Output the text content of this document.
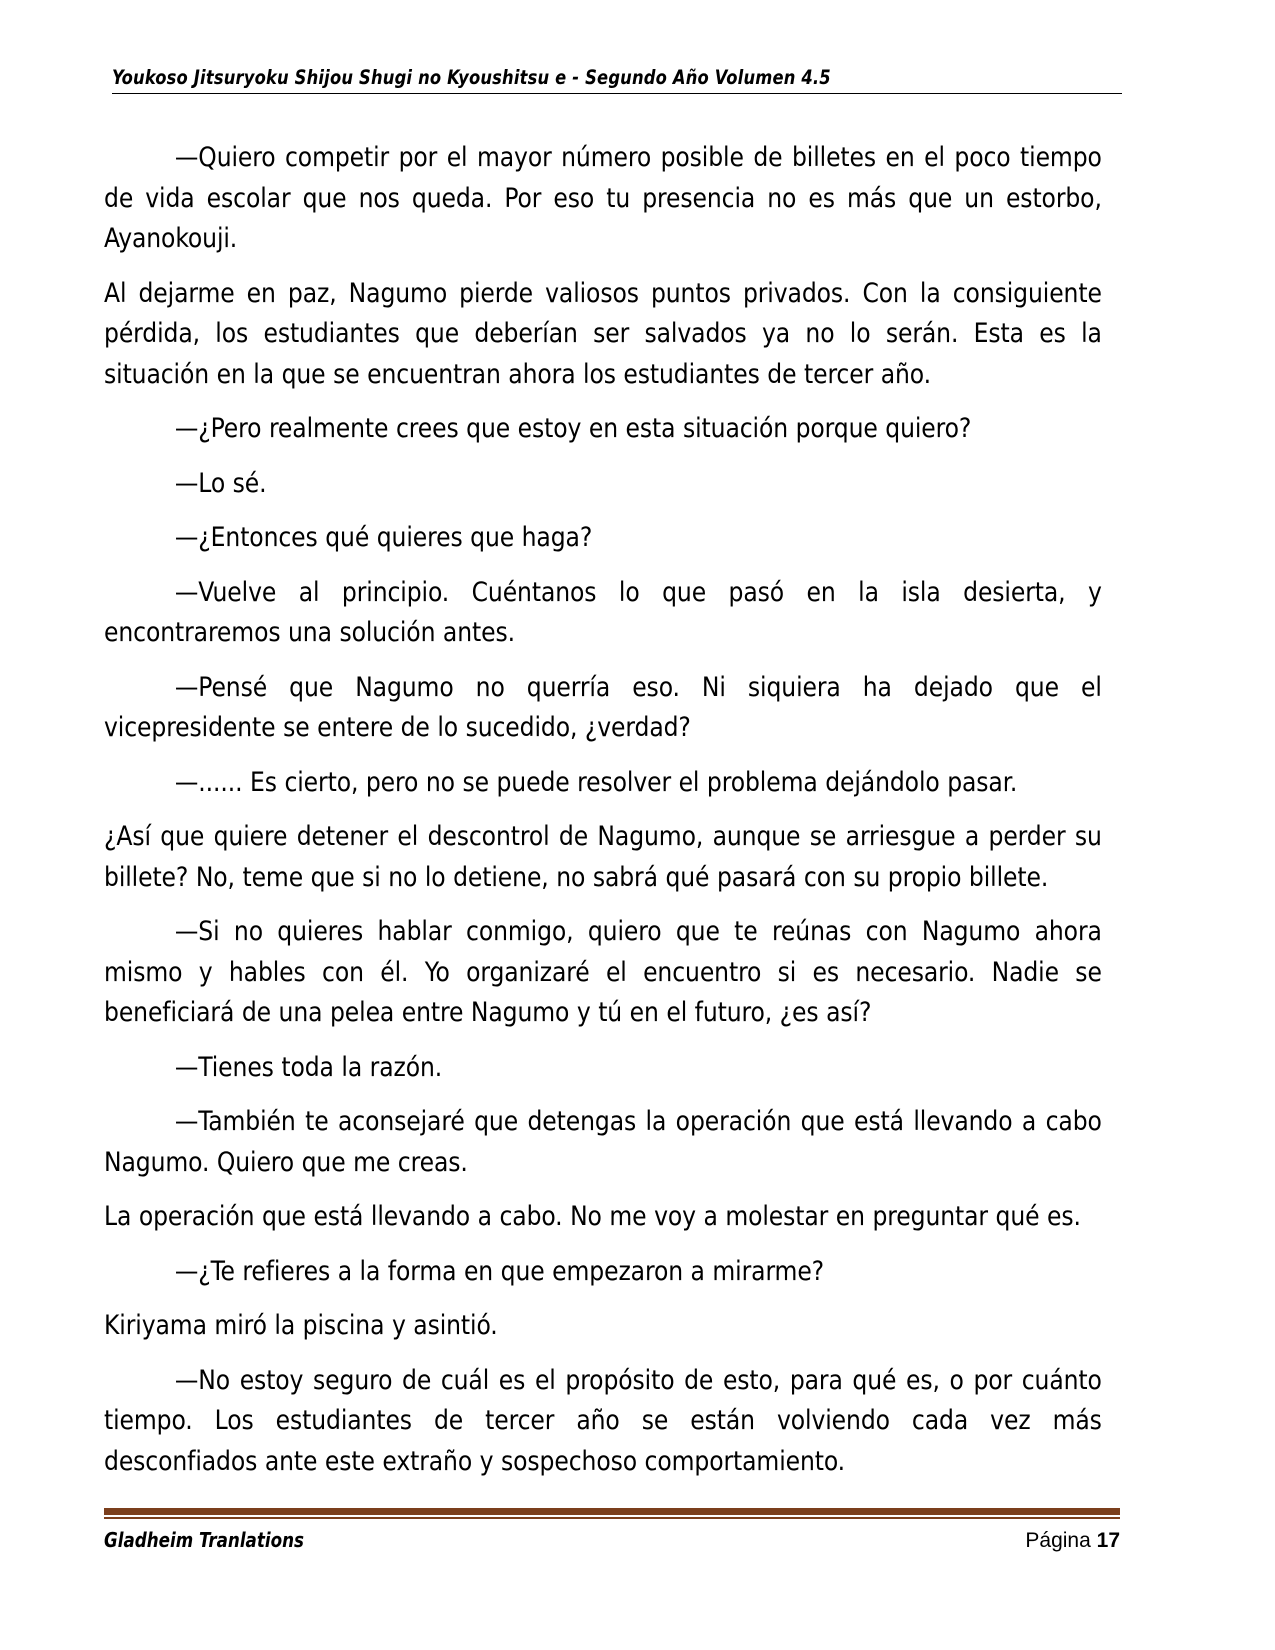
Youkoso Jitsuryoku Shijou Shugi no Kyoushitsu e - Segundo Año Volumen 4.5

—Quiero competir por el mayor número posible de billetes en el poco tiempo de vida escolar que nos queda. Por eso tu presencia no es más que un estorbo, Ayanokouji.

Al dejarme en paz, Nagumo pierde valiosos puntos privados. Con la consiguiente pérdida, los estudiantes que deberían ser salvados ya no lo serán. Esta es la situación en la que se encuentran ahora los estudiantes de tercer año.

—¿Pero realmente crees que estoy en esta situación porque quiero?

—Lo sé.

—¿Entonces qué quieres que haga?

—Vuelve al principio. Cuéntanos lo que pasó en la isla desierta, y encontraremos una solución antes.

—Pensé que Nagumo no querría eso. Ni siquiera ha dejado que el vicepresidente se entere de lo sucedido, ¿verdad?

—...... Es cierto, pero no se puede resolver el problema dejándolo pasar.

¿Así que quiere detener el descontrol de Nagumo, aunque se arriesgue a perder su billete? No, teme que si no lo detiene, no sabrá qué pasará con su propio billete.

—Si no quieres hablar conmigo, quiero que te reúnas con Nagumo ahora mismo y hables con él. Yo organizaré el encuentro si es necesario. Nadie se beneficiará de una pelea entre Nagumo y tú en el futuro, ¿es así?

—Tienes toda la razón.

—También te aconsejaré que detengas la operación que está llevando a cabo Nagumo. Quiero que me creas.

La operación que está llevando a cabo. No me voy a molestar en preguntar qué es.

—¿Te refieres a la forma en que empezaron a mirarme?

Kiriyama miró la piscina y asintió.

—No estoy seguro de cuál es el propósito de esto, para qué es, o por cuánto tiempo. Los estudiantes de tercer año se están volviendo cada vez más desconfiados ante este extraño y sospechoso comportamiento.

Gladheim Tranlations	Página 17
